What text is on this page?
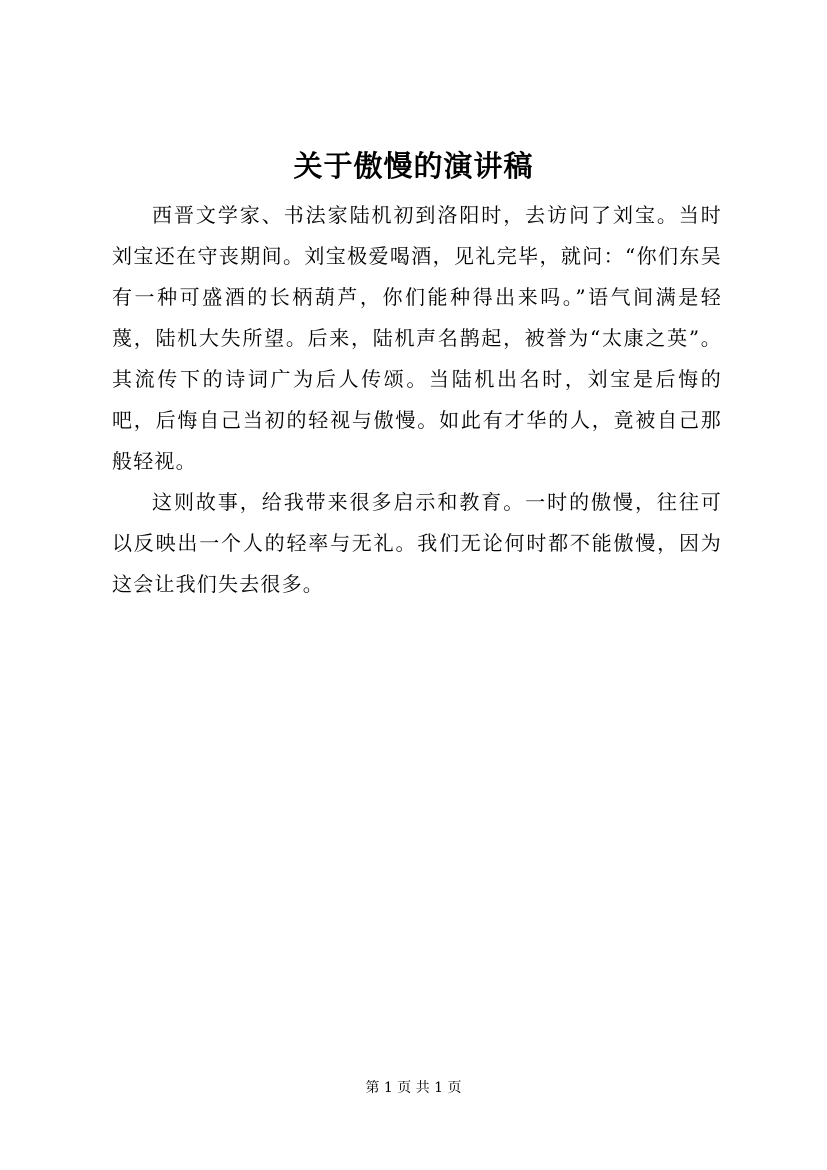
关于傲慢的演讲稿

西晋文学家、书法家陆机初到洛阳时，去访问了刘宝。当时刘宝还在守丧期间。刘宝极爱喝酒，见礼完毕，就问：“你们东吴有一种可盛酒的长柄葫芦，你们能种得出来吗。”语气间满是轻蔑，陆机大失所望。后来，陆机声名鹊起，被誉为“太康之英”。其流传下的诗词广为后人传颂。当陆机出名时，刘宝是后悔的吧，后悔自己当初的轻视与傲慢。如此有才华的人，竟被自己那般轻视。

这则故事，给我带来很多启示和教育。一时的傲慢，往往可以反映出一个人的轻率与无礼。我们无论何时都不能傲慢，因为这会让我们失去很多。

第 1 页 共 1 页
